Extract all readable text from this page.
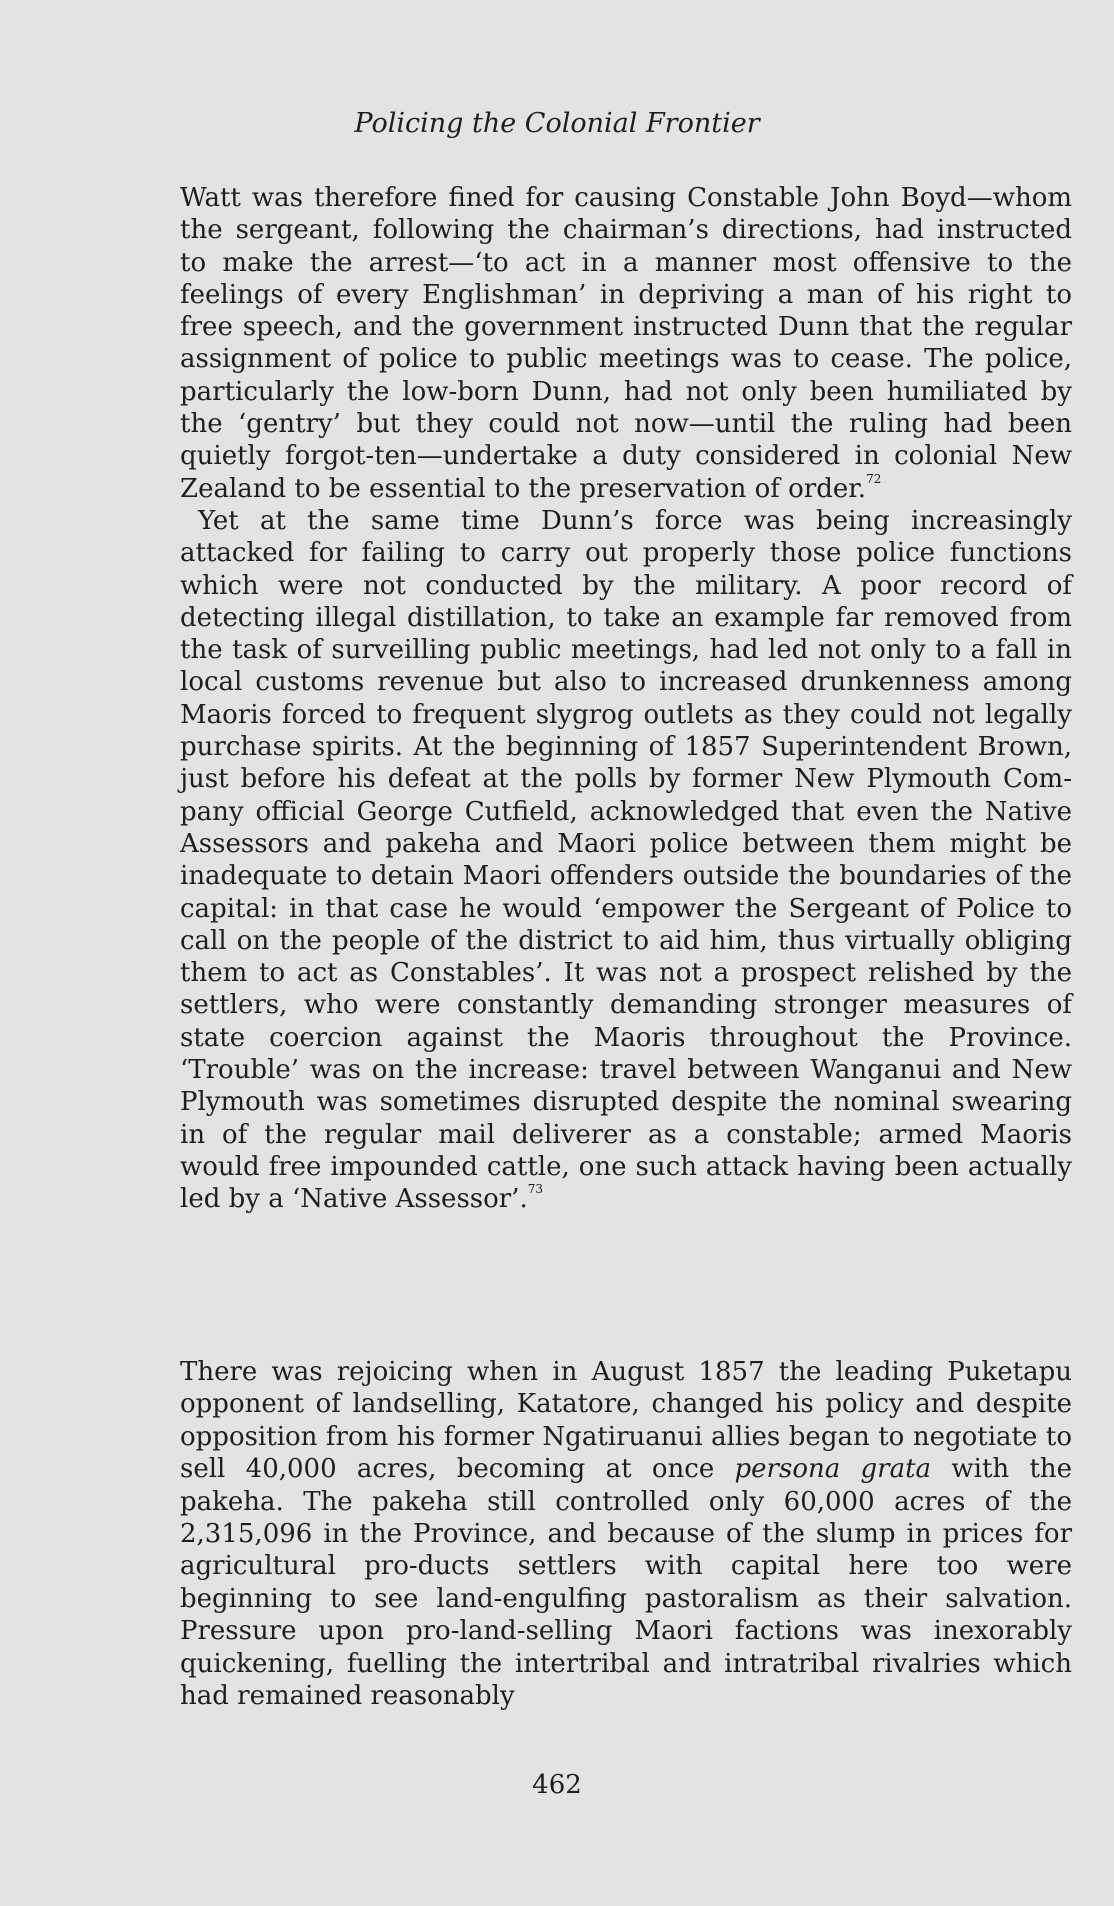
Policing the Colonial Frontier

Watt was therefore fined for causing Constable John Boyd—whom the sergeant, following the chairman’s directions, had instructed to make the arrest—‘to act in a manner most offensive to the feelings of every Englishman’ in depriving a man of his right to free speech, and the government instructed Dunn that the regular assignment of police to public meetings was to cease. The police, particularly the low-born Dunn, had not only been humiliated by the ‘gentry’ but they could not now—until the ruling had been quietly forgot-ten—undertake a duty considered in colonial New Zealand to be essential to the preservation of order.$^{72}$

Yet at the same time Dunn’s force was being increasingly attacked for failing to carry out properly those police functions which were not conducted by the military. A poor record of detecting illegal distillation, to take an example far removed from the task of surveilling public meetings, had led not only to a fall in local customs revenue but also to increased drunkenness among Maoris forced to frequent slygrog outlets as they could not legally purchase spirits. At the beginning of 1857 Superintendent Brown, just before his defeat at the polls by former New Plymouth Com-pany official George Cutfield, acknowledged that even the Native Assessors and pakeha and Maori police between them might be inadequate to detain Maori offenders outside the boundaries of the capital: in that case he would ‘empower the Sergeant of Police to call on the people of the district to aid him, thus virtually obliging them to act as Constables’. It was not a prospect relished by the settlers, who were constantly demanding stronger measures of state coercion against the Maoris throughout the Province. ‘Trouble’ was on the increase: travel between Wanganui and New Plymouth was sometimes disrupted despite the nominal swearing in of the regular mail deliverer as a constable; armed Maoris would free impounded cattle, one such attack having been actually led by a ‘Native Assessor’.$^{73}$

There was rejoicing when in August 1857 the leading Puketapu opponent of landselling, Katatore, changed his policy and despite opposition from his former Ngatiruanui allies began to negotiate to sell 40,000 acres, becoming at once persona grata with the pakeha. The pakeha still controlled only 60,000 acres of the 2,315,096 in the Province, and because of the slump in prices for agricultural pro-ducts settlers with capital here too were beginning to see land-engulfing pastoralism as their salvation. Pressure upon pro-land-selling Maori factions was inexorably quickening, fuelling the intertribal and intratribal rivalries which had remained reasonably

462
